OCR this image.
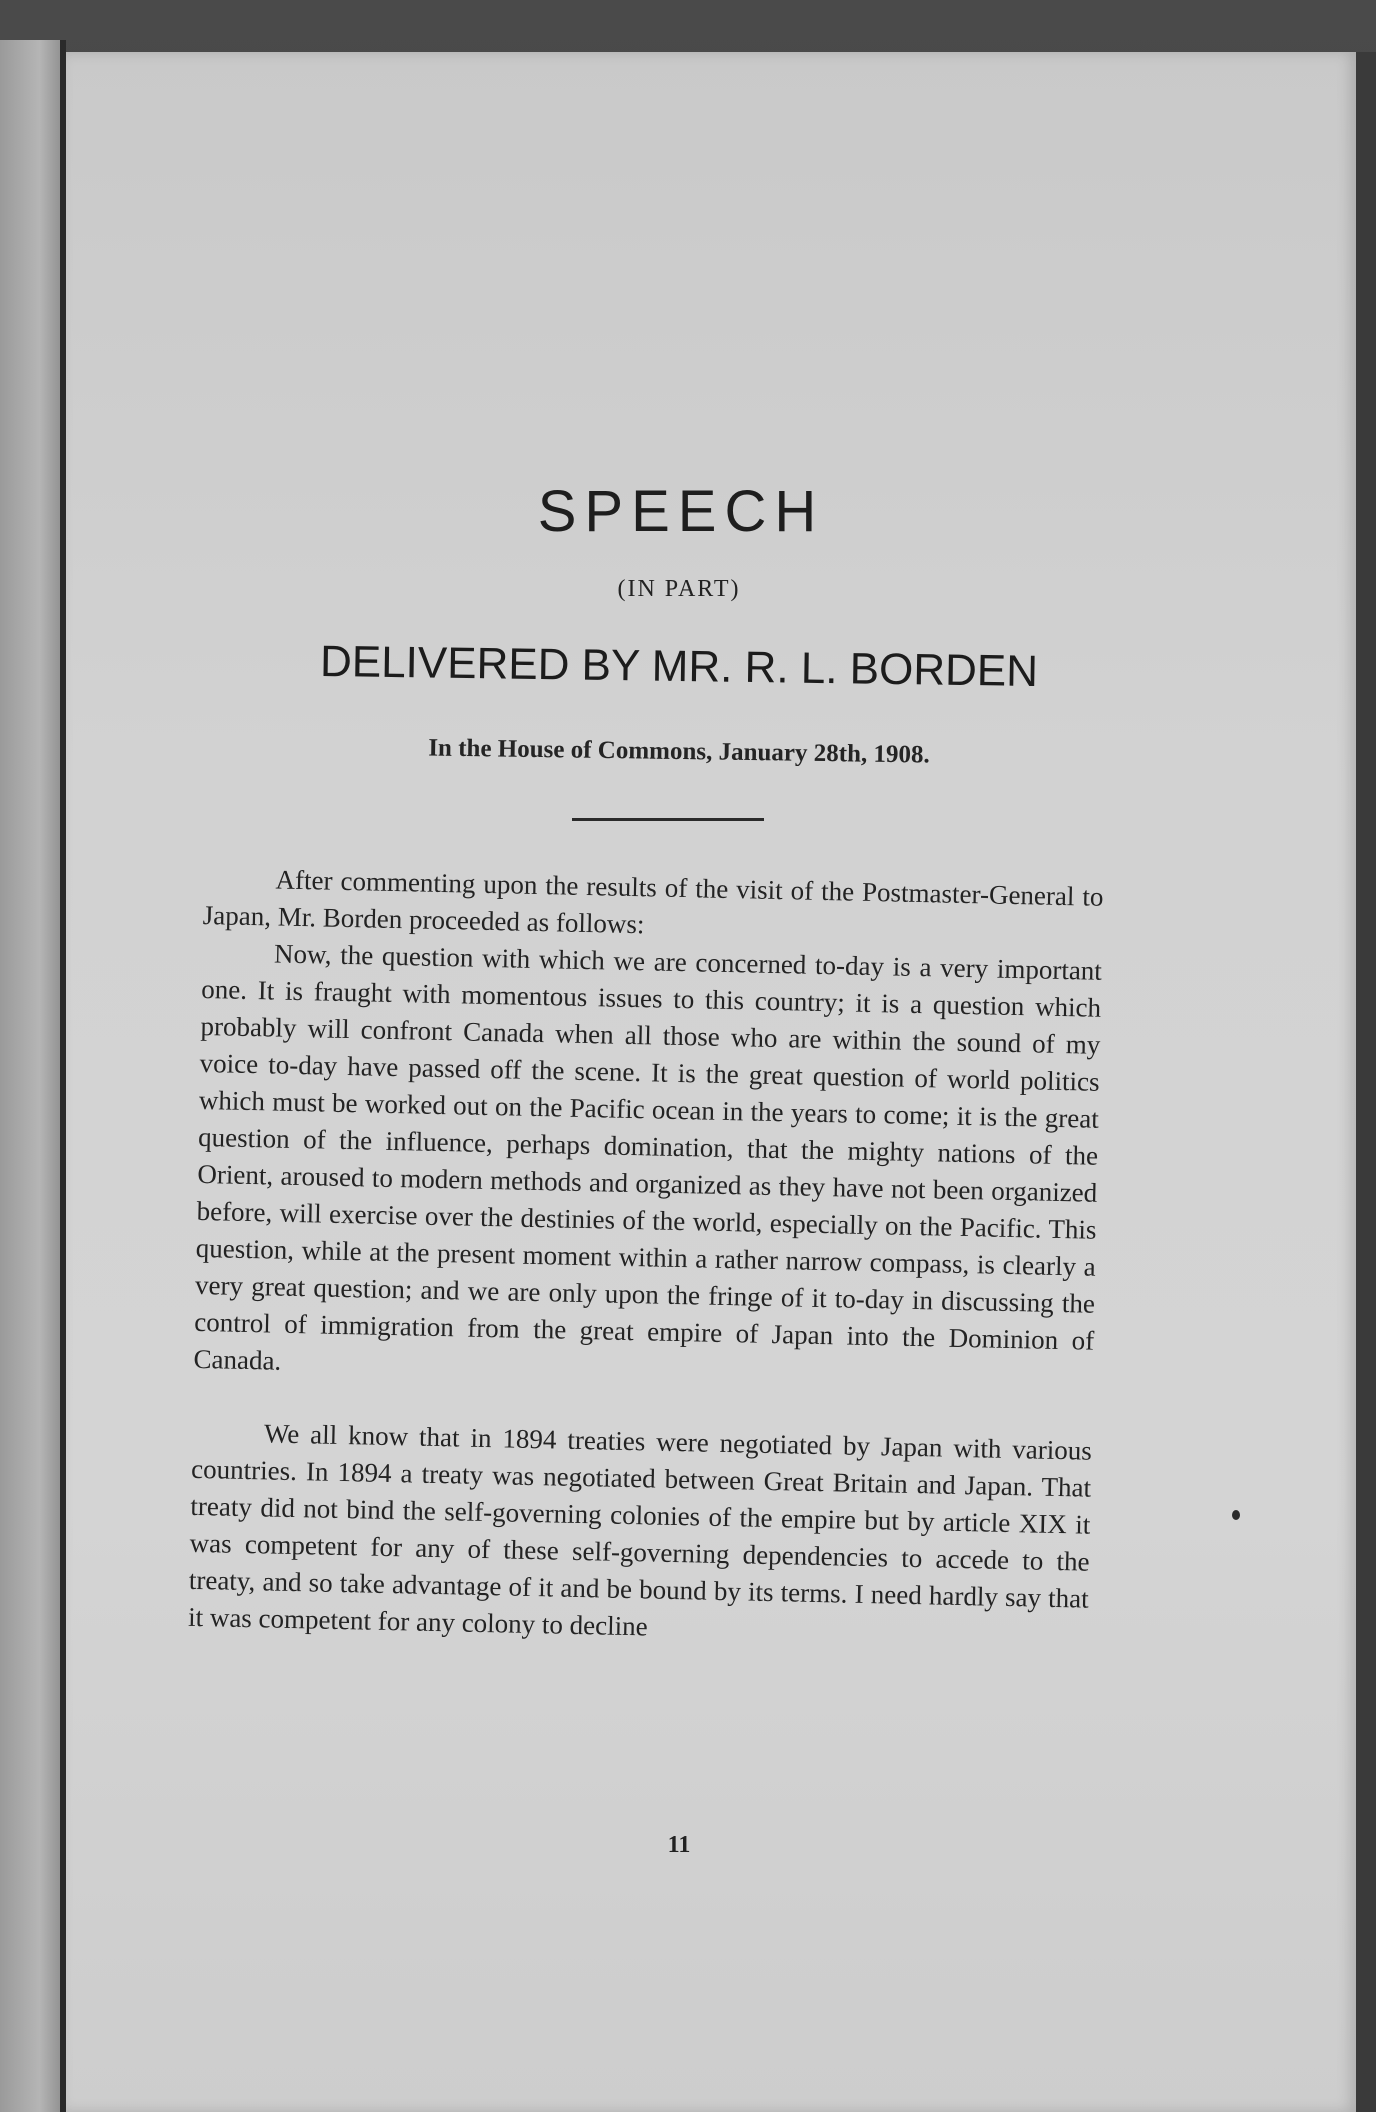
SPEECH
(IN PART)
DELIVERED BY MR. R. L. BORDEN
In the House of Commons, January 28th, 1908.

After commenting upon the results of the visit of the Postmaster-General to Japan, Mr. Borden proceeded as follows:

Now, the question with which we are concerned to-day is a very important one. It is fraught with momentous issues to this country; it is a question which probably will confront Canada when all those who are within the sound of my voice to-day have passed off the scene. It is the great question of world politics which must be worked out on the Pacific ocean in the years to come; it is the great question of the influence, perhaps domination, that the mighty nations of the Orient, aroused to modern methods and organized as they have not been organized before, will exercise over the destinies of the world, especially on the Pacific. This question, while at the present moment within a rather narrow compass, is clearly a very great question; and we are only upon the fringe of it to-day in discussing the control of immigration from the great empire of Japan into the Dominion of Canada.

We all know that in 1894 treaties were negotiated by Japan with various countries. In 1894 a treaty was negotiated between Great Britain and Japan. That treaty did not bind the self-governing colonies of the empire but by article XIX it was competent for any of these self-governing dependencies to accede to the treaty, and so take advantage of it and be bound by its terms. I need hardly say that it was competent for any colony to decline

11
